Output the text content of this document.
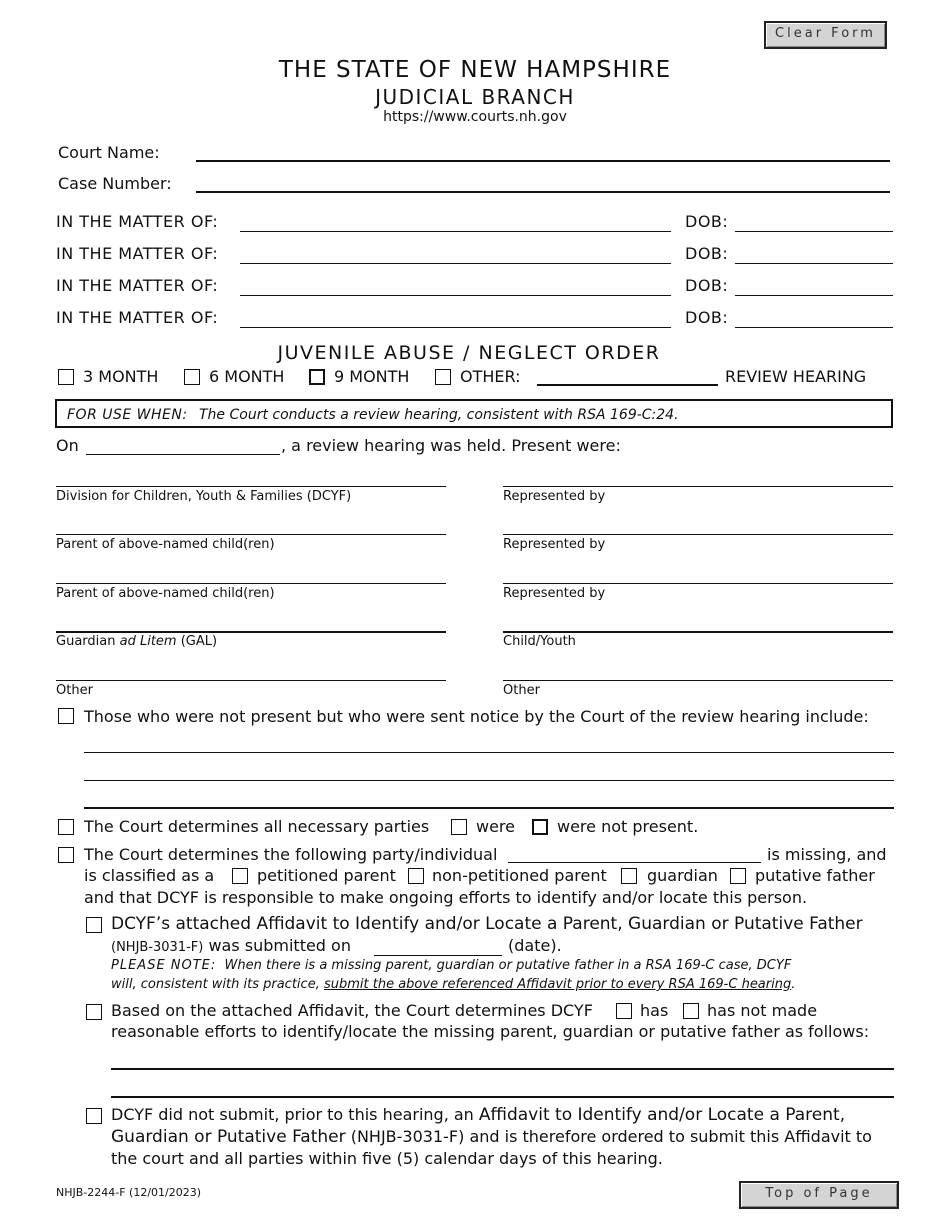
Clear Form
THE STATE OF NEW HAMPSHIRE
JUDICIAL BRANCH
https://www.courts.nh.gov
Court Name:
Case Number:
IN THE MATTER OF:	DOB:
IN THE MATTER OF:	DOB:
IN THE MATTER OF:	DOB:
IN THE MATTER OF:	DOB:
JUVENILE ABUSE / NEGLECT ORDER
3 MONTH	6 MONTH	9 MONTH	OTHER:	REVIEW HEARING
FOR USE WHEN: The Court conducts a review hearing, consistent with RSA 169-C:24.
On	, a review hearing was held. Present were:
Division for Children, Youth & Families (DCYF)	Represented by
Parent of above-named child(ren)	Represented by
Parent of above-named child(ren)	Represented by
Guardian ad Litem (GAL)	Child/Youth
Other	Other
Those who were not present but who were sent notice by the Court of the review hearing include:
The Court determines all necessary parties	were	were not present.
The Court determines the following party/individual	is missing, and
is classified as a	petitioned parent non-petitioned parent	guardian putative father
and that DCYF is responsible to make ongoing efforts to identify and/or locate this person.
DCYF’s attached Affidavit to Identify and/or Locate a Parent, Guardian or Putative Father
(NHJB-3031-F) was submitted on	(date).
PLEASE NOTE: When there is a missing parent, guardian or putative father in a RSA 169-C case, DCYF
will, consistent with its practice, submit the above referenced Affidavit prior to every RSA 169-C hearing.
Based on the attached Affidavit, the Court determines DCYF	has has not made
reasonable efforts to identify/locate the missing parent, guardian or putative father as follows:
DCYF did not submit, prior to this hearing, an Affidavit to Identify and/or Locate a Parent,
Guardian or Putative Father (NHJB-3031-F) and is therefore ordered to submit this Affidavit to
the court and all parties within five (5) calendar days of this hearing.
NHJB-2244-F (12/01/2023)	Top of Page
